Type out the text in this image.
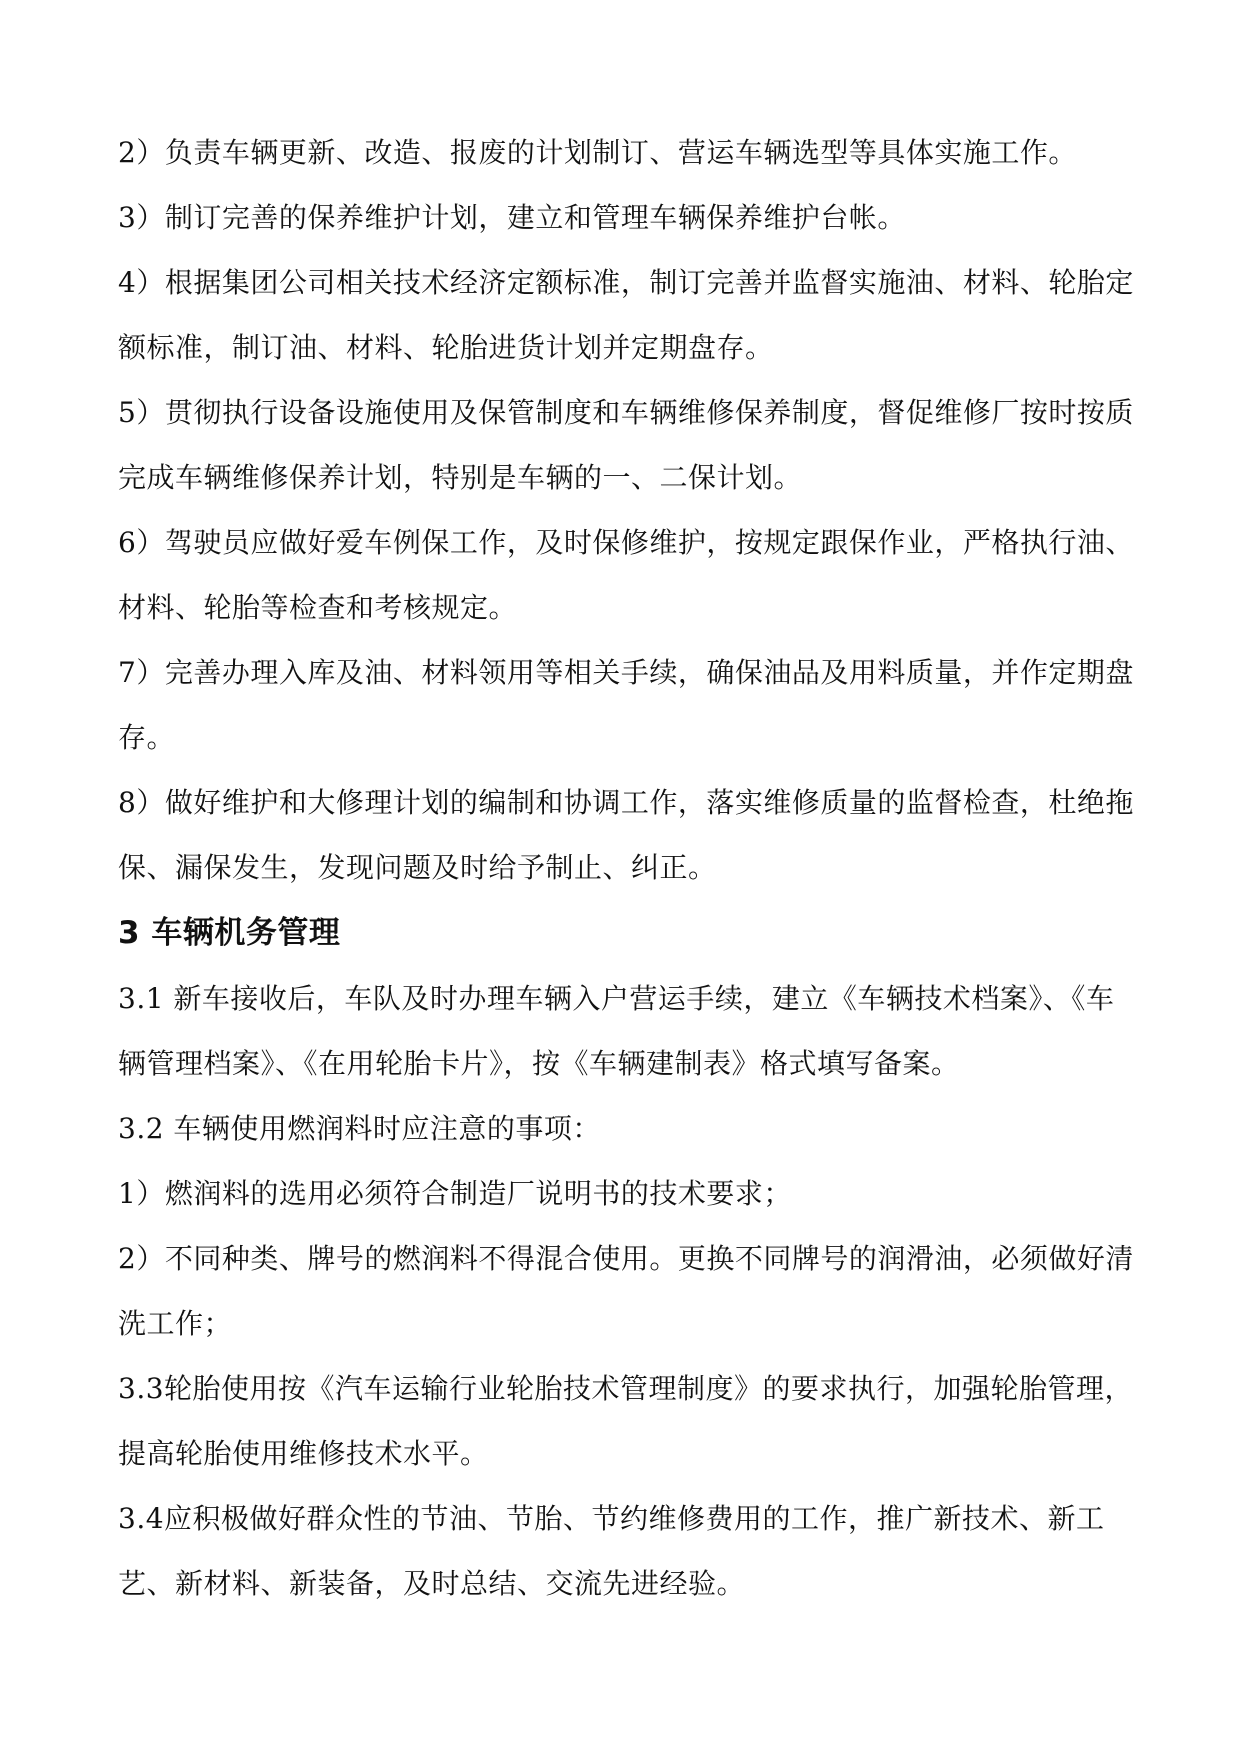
2）负责车辆更新、改造、报废的计划制订、营运车辆选型等具体实施工作。

3）制订完善的保养维护计划，建立和管理车辆保养维护台帐。

4）根据集团公司相关技术经济定额标准，制订完善并监督实施油、材料、轮胎定额标准，制订油、材料、轮胎进货计划并定期盘存。

5）贯彻执行设备设施使用及保管制度和车辆维修保养制度，督促维修厂按时按质完成车辆维修保养计划，特别是车辆的一、二保计划。

6）驾驶员应做好爱车例保工作，及时保修维护，按规定跟保作业，严格执行油、材料、轮胎等检查和考核规定。

7）完善办理入库及油、材料领用等相关手续，确保油品及用料质量，并作定期盘存。

8）做好维护和大修理计划的编制和协调工作，落实维修质量的监督检查，杜绝拖保、漏保发生，发现问题及时给予制止、纠正。

3 车辆机务管理

3.1 新车接收后，车队及时办理车辆入户营运手续，建立《车辆技术档案》、《车辆管理档案》、《在用轮胎卡片》，按《车辆建制表》格式填写备案。

3.2 车辆使用燃润料时应注意的事项：

1）燃润料的选用必须符合制造厂说明书的技术要求；

2）不同种类、牌号的燃润料不得混合使用。更换不同牌号的润滑油，必须做好清洗工作；

3.3轮胎使用按《汽车运输行业轮胎技术管理制度》的要求执行，加强轮胎管理，提高轮胎使用维修技术水平。

3.4应积极做好群众性的节油、节胎、节约维修费用的工作，推广新技术、新工艺、新材料、新装备，及时总结、交流先进经验。
